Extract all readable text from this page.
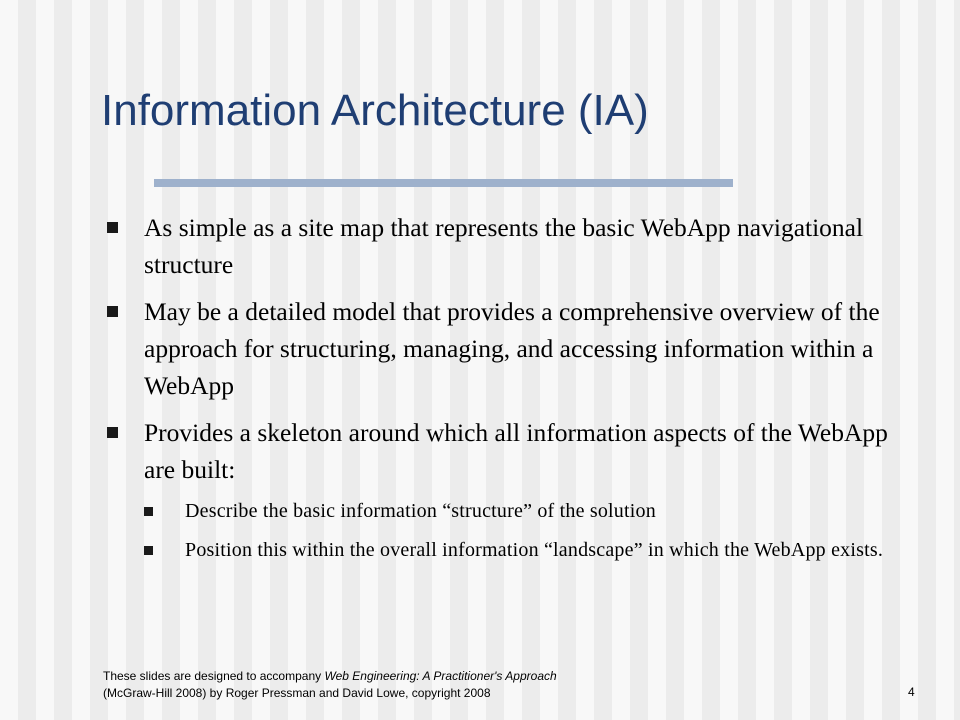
Information Architecture (IA)
As simple as a site map that represents the basic WebApp navigational structure
May be a detailed model that provides a comprehensive overview of the approach for structuring, managing, and accessing information within a WebApp
Provides a skeleton around which all information aspects of the WebApp are built:
Describe the basic information “structure” of the solution
Position this within the overall information “landscape” in which the WebApp exists.
These slides are designed to accompany Web Engineering: A Practitioner's Approach
(McGraw-Hill 2008) by Roger Pressman and David Lowe, copyright 2008	4
